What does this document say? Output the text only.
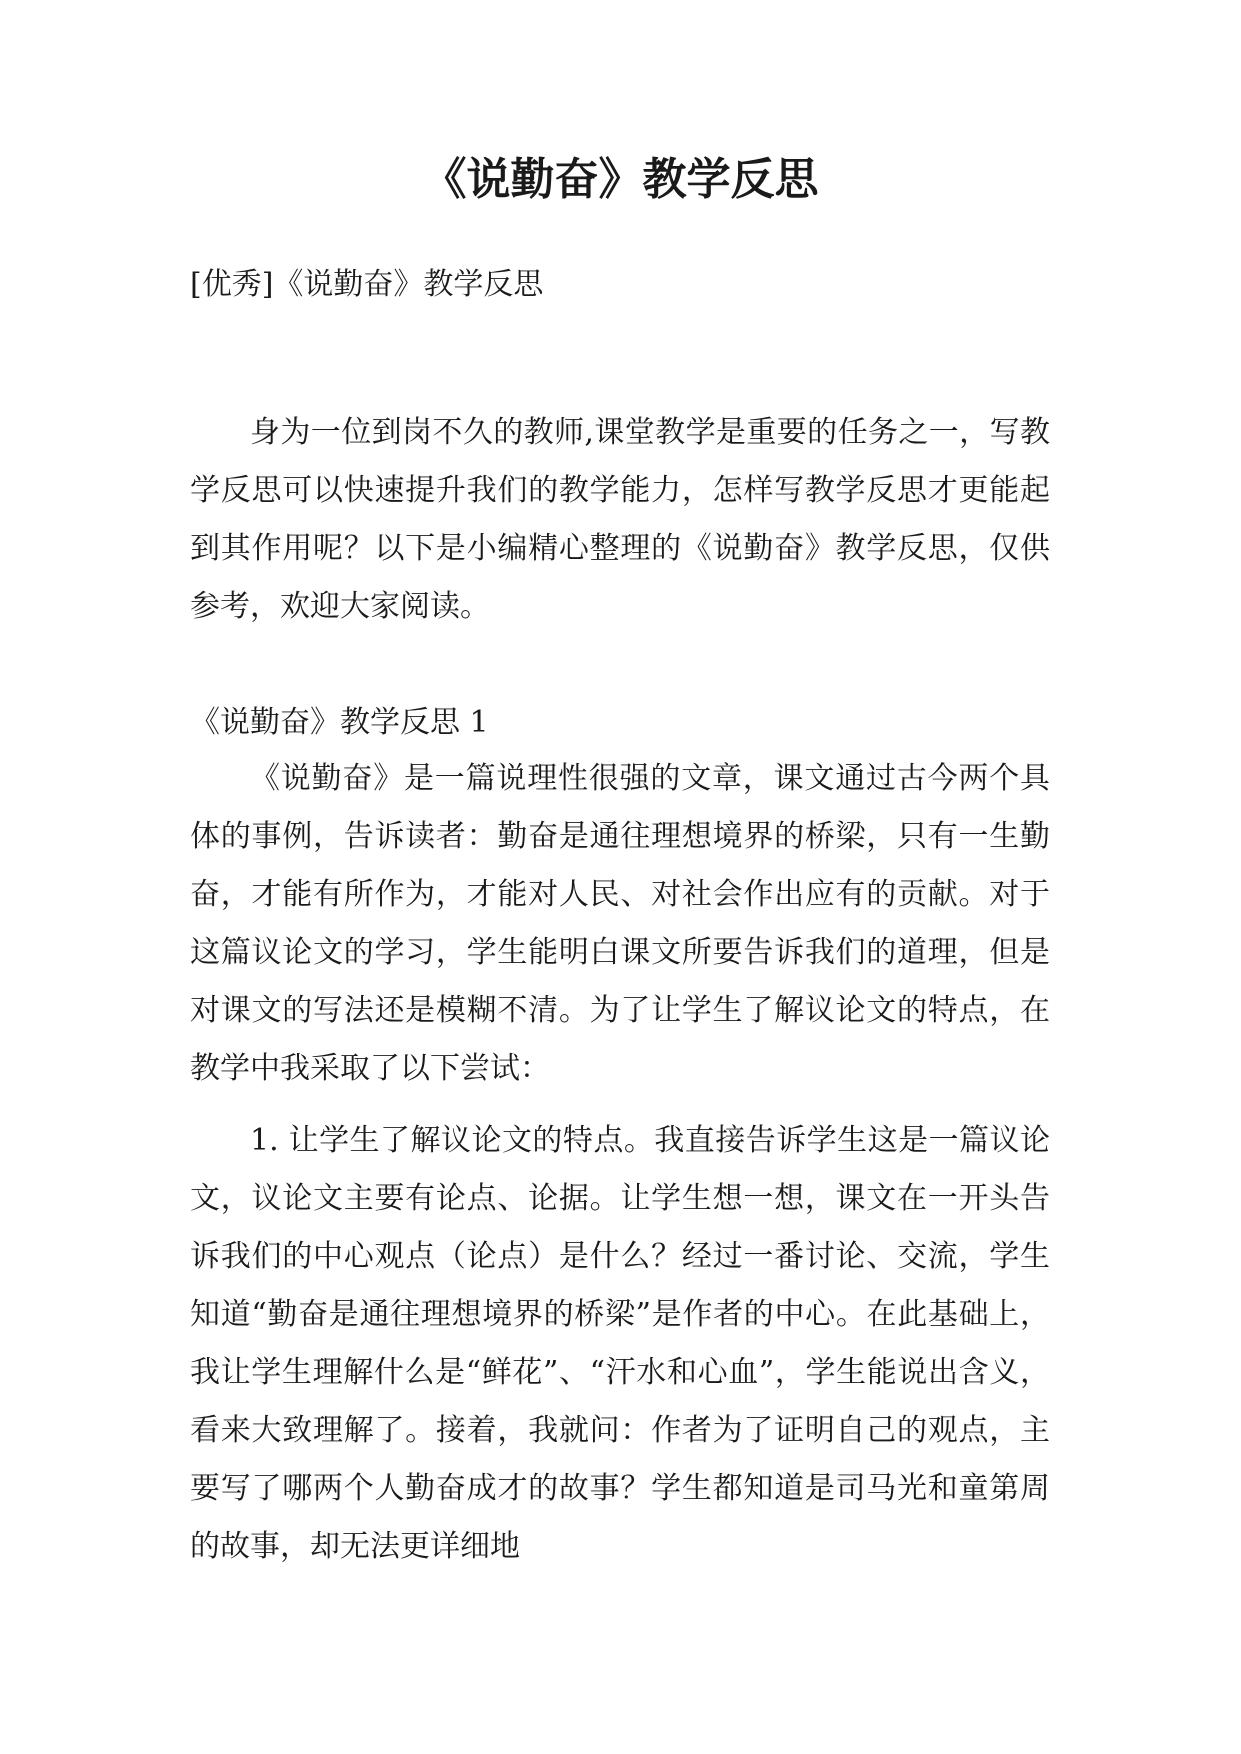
《说勤奋》教学反思

[优秀]《说勤奋》教学反思

身为一位到岗不久的教师,课堂教学是重要的任务之一，写教学反思可以快速提升我们的教学能力，怎样写教学反思才更能起到其作用呢？以下是小编精心整理的《说勤奋》教学反思，仅供参考，欢迎大家阅读。

《说勤奋》教学反思 1

《说勤奋》是一篇说理性很强的文章，课文通过古今两个具体的事例，告诉读者：勤奋是通往理想境界的桥梁，只有一生勤奋，才能有所作为，才能对人民、对社会作出应有的贡献。对于这篇议论文的学习，学生能明白课文所要告诉我们的道理，但是对课文的写法还是模糊不清。为了让学生了解议论文的特点，在教学中我采取了以下尝试：

1. 让学生了解议论文的特点。我直接告诉学生这是一篇议论文，议论文主要有论点、论据。让学生想一想，课文在一开头告诉我们的中心观点（论点）是什么？经过一番讨论、交流，学生知道“勤奋是通往理想境界的桥梁”是作者的中心。在此基础上，我让学生理解什么是“鲜花”、“汗水和心血”，学生能说出含义，看来大致理解了。接着，我就问：作者为了证明自己的观点，主要写了哪两个人勤奋成才的故事？学生都知道是司马光和童第周的故事，却无法更详细地
